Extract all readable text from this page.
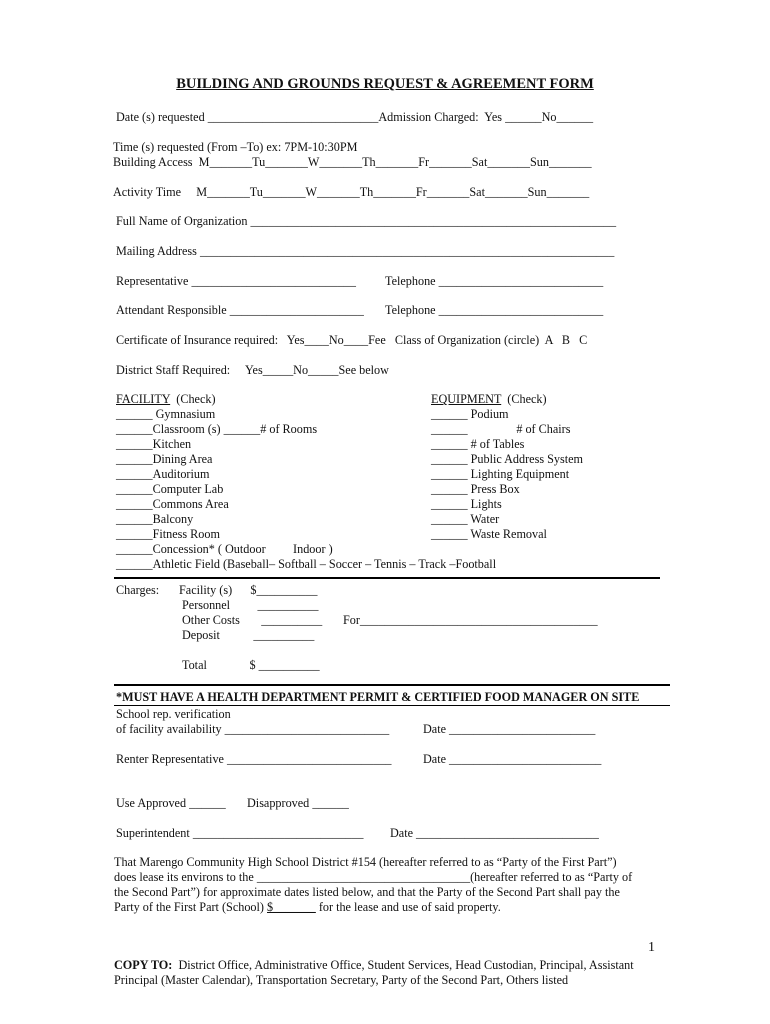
BUILDING AND GROUNDS REQUEST & AGREEMENT FORM
Date (s) requested ____________________________Admission Charged:  Yes ______No______
Time (s) requested (From –To) ex: 7PM-10:30PM
Building Access  M_______Tu_______W_______Th_______Fr_______Sat_______Sun_______
Activity Time     M_______Tu_______W_______Th_______Fr_______Sat_______Sun_______
Full Name of Organization ____________________________________________________________
Mailing Address ____________________________________________________________________
Representative ___________________________ Telephone ___________________________
Attendant Responsible ______________________ Telephone ___________________________
Certificate of Insurance required:   Yes____No____Fee   Class of Organization (circle)  A   B   C
District Staff Required:     Yes_____No_____See below
FACILITY  (Check)
______ Gymnasium
______Classroom (s) ______# of Rooms
______Kitchen
______Dining Area
______Auditorium
______Computer Lab
______Commons Area
______Balcony
______Fitness Room
______Concession* ( Outdoor         Indoor )
______Athletic Field (Baseball– Softball – Soccer – Tennis – Track –Football
EQUIPMENT  (Check)
______ Podium
______                # of Chairs
______ # of Tables
______ Public Address System
______ Lighting Equipment
______ Press Box
______ Lights
______ Water
______ Waste Removal
Charges: Facility (s)      $__________
Personnel         __________
Other Costs       __________ For_______________________________________
Deposit           __________
Total              $ __________
*MUST HAVE A HEALTH DEPARTMENT PERMIT & CERTIFIED FOOD MANAGER ON SITE
School rep. verification
of facility availability ___________________________	Date ________________________
Renter Representative ___________________________	Date _________________________
Use Approved ______       Disapproved ______
Superintendent ____________________________ Date ______________________________
That Marengo Community High School District #154 (hereafter referred to as “Party of the First Part”)
does lease its environs to the ___________________________________(hereafter referred to as “Party of
the Second Part”) for approximate dates listed below, and that the Party of the Second Part shall pay the
Party of the First Part (School) $_______ for the lease and use of said property.
1
COPY TO:  District Office, Administrative Office, Student Services, Head Custodian, Principal, Assistant
Principal (Master Calendar), Transportation Secretary, Party of the Second Part, Others listed
